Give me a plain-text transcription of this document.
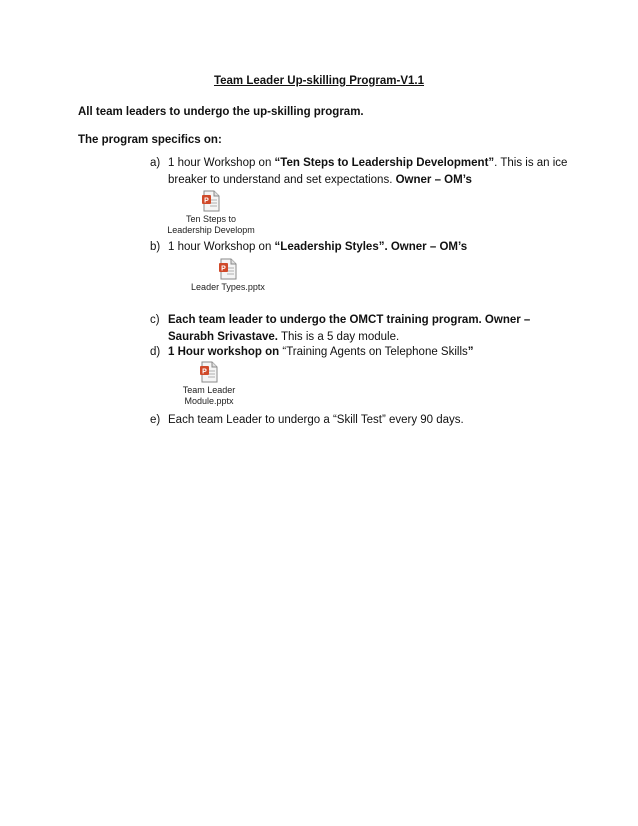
Team Leader Up-skilling Program-V1.1
All team leaders to undergo the up-skilling program.
The program specifics on:
a) 1 hour Workshop on “Ten Steps to Leadership Development”. This is an ice breaker to understand and set expectations. Owner – OM’s
P
Ten Steps to
Leadership Developm
b) 1 hour Workshop on “Leadership Styles”. Owner – OM’s
P
Leader Types.pptx
c) Each team leader to undergo the OMCT training program. Owner – Saurabh Srivastave. This is a 5 day module.
d) 1 Hour workshop on “Training Agents on Telephone Skills”
P
Team Leader
Module.pptx
e) Each team Leader to undergo a “Skill Test” every 90 days.
